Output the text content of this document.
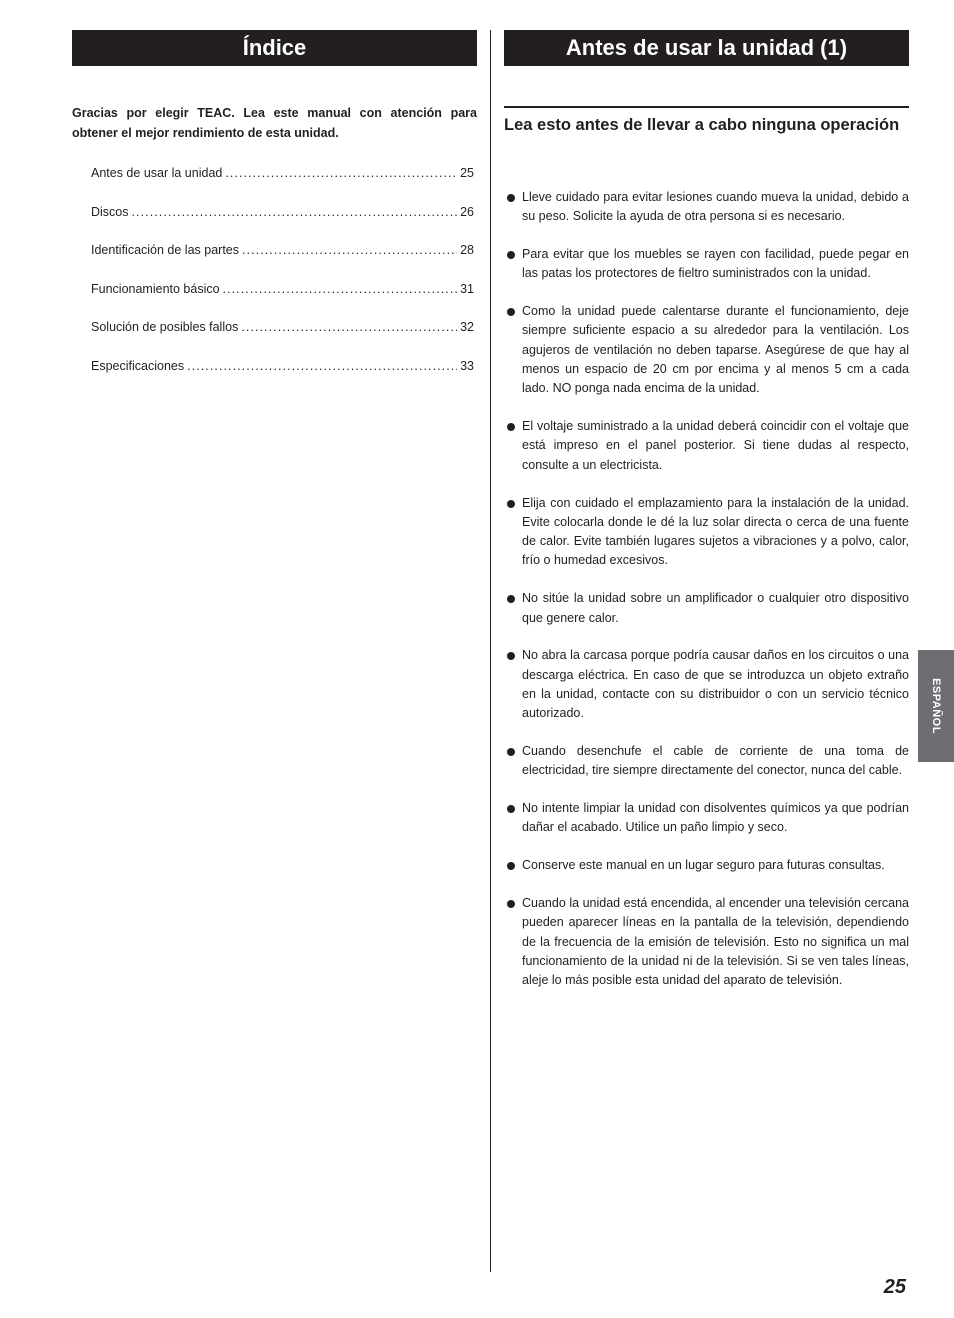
Índice	Antes de usar la unidad (1)
Gracias por elegir TEAC. Lea este manual con atención para obtener el mejor rendimiento de esta unidad.
Antes de usar la unidad . . .	25
Discos . . .	26
Identificación de las partes . . .	28
Funcionamiento básico . . .	31
Solución de posibles fallos . . .	32
Especificaciones . . .	33
Lea esto antes de llevar a cabo ninguna operación
Lleve cuidado para evitar lesiones cuando mueva la unidad, debido a su peso. Solicite la ayuda de otra persona si es necesario.
Para evitar que los muebles se rayen con facilidad, puede pegar en las patas los protectores de fieltro suministrados con la unidad.
Como la unidad puede calentarse durante el funcionamiento, deje siempre suficiente espacio a su alrededor para la ventilación. Los agujeros de ventilación no deben taparse. Asegúrese de que hay al menos un espacio de 20 cm por encima y al menos 5 cm a cada lado. NO ponga nada encima de la unidad.
El voltaje suministrado a la unidad deberá coincidir con el voltaje que está impreso en el panel posterior. Si tiene dudas al respecto, consulte a un electricista.
Elija con cuidado el emplazamiento para la instalación de la unidad. Evite colocarla donde le dé la luz solar directa o cerca de una fuente de calor. Evite también lugares sujetos a vibraciones y a polvo, calor, frío o humedad excesivos.
No sitúe la unidad sobre un amplificador o cualquier otro dispositivo que genere calor.
No abra la carcasa porque podría causar daños en los circuitos o una descarga eléctrica. En caso de que se introduzca un objeto extraño en la unidad, contacte con su distribuidor o con un servicio técnico autorizado.
Cuando desenchufe el cable de corriente de una toma de electricidad, tire siempre directamente del conector, nunca del cable.
No intente limpiar la unidad con disolventes químicos ya que podrían dañar el acabado. Utilice un paño limpio y seco.
Conserve este manual en un lugar seguro para futuras consultas.
Cuando la unidad está encendida, al encender una televisión cercana pueden aparecer líneas en la pantalla de la televisión, dependiendo de la frecuencia de la emisión de televisión. Esto no significa un mal funcionamiento de la unidad ni de la televisión. Si se ven tales líneas, aleje lo más posible esta unidad del aparato de televisión.
ESPAÑOL
25
